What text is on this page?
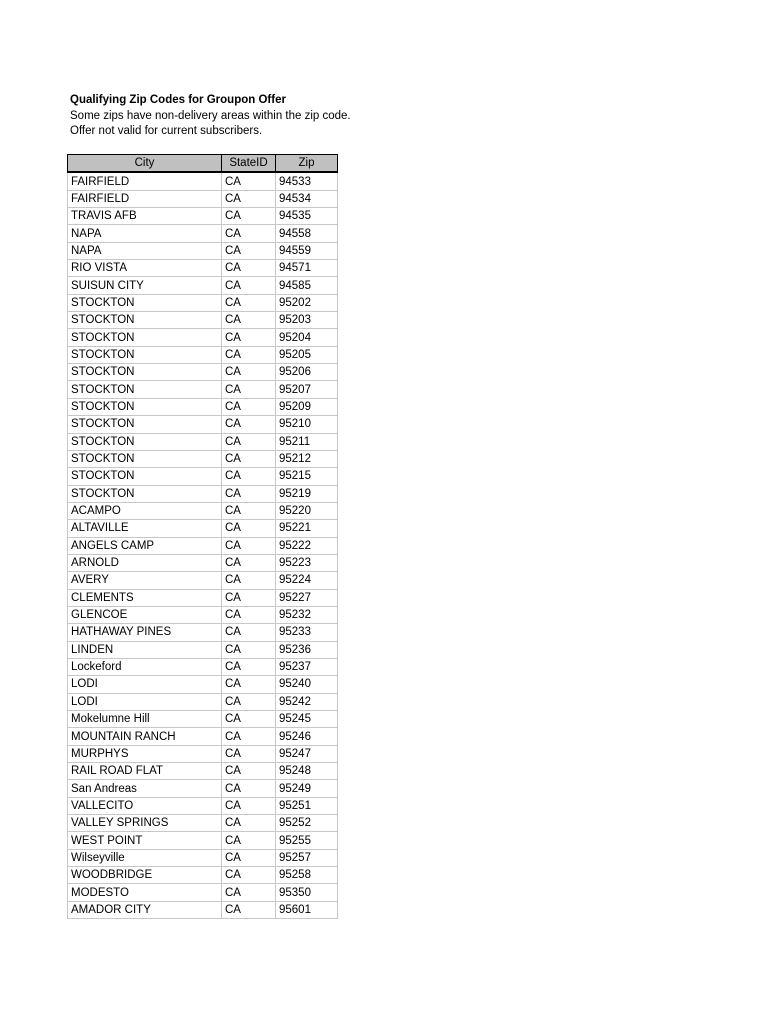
Qualifying Zip Codes for Groupon Offer
Some zips have non-delivery areas within the zip code.
Offer not valid for current subscribers.
City	StateID	Zip
FAIRFIELD	CA	94533
FAIRFIELD	CA	94534
TRAVIS AFB	CA	94535
NAPA	CA	94558
NAPA	CA	94559
RIO VISTA	CA	94571
SUISUN CITY	CA	94585
STOCKTON	CA	95202
STOCKTON	CA	95203
STOCKTON	CA	95204
STOCKTON	CA	95205
STOCKTON	CA	95206
STOCKTON	CA	95207
STOCKTON	CA	95209
STOCKTON	CA	95210
STOCKTON	CA	95211
STOCKTON	CA	95212
STOCKTON	CA	95215
STOCKTON	CA	95219
ACAMPO	CA	95220
ALTAVILLE	CA	95221
ANGELS CAMP	CA	95222
ARNOLD	CA	95223
AVERY	CA	95224
CLEMENTS	CA	95227
GLENCOE	CA	95232
HATHAWAY PINES	CA	95233
LINDEN	CA	95236
Lockeford	CA	95237
LODI	CA	95240
LODI	CA	95242
Mokelumne Hill	CA	95245
MOUNTAIN RANCH	CA	95246
MURPHYS	CA	95247
RAIL ROAD FLAT	CA	95248
San Andreas	CA	95249
VALLECITO	CA	95251
VALLEY SPRINGS	CA	95252
WEST POINT	CA	95255
Wilseyville	CA	95257
WOODBRIDGE	CA	95258
MODESTO	CA	95350
AMADOR CITY	CA	95601
